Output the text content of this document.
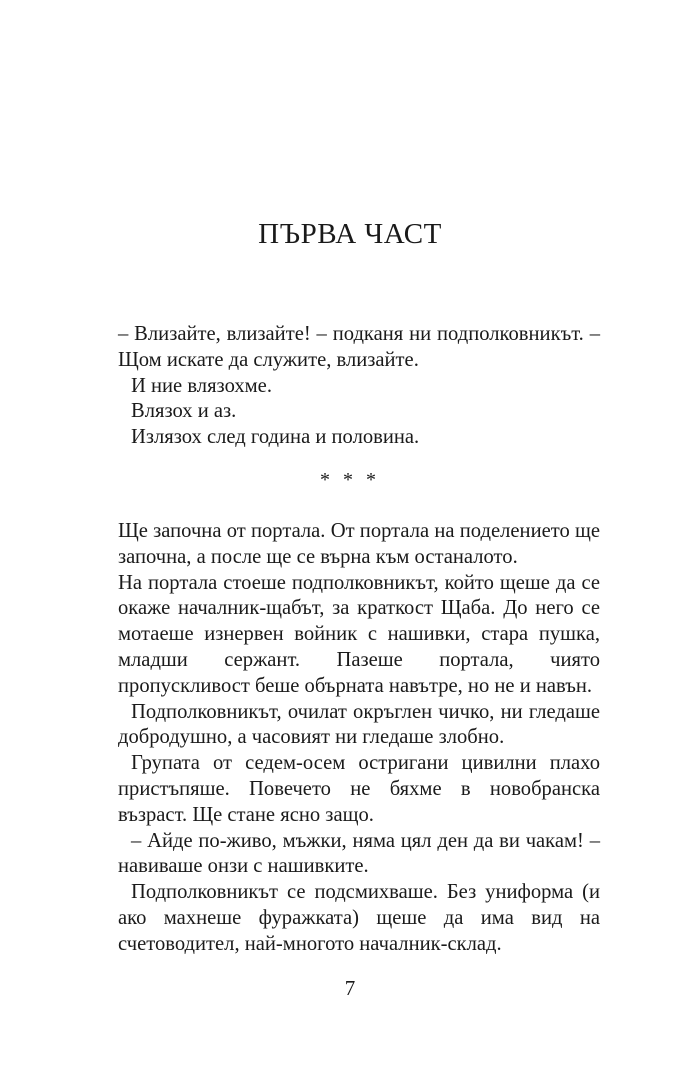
ПЪРВА ЧАСТ

– Влизайте, влизайте! – подканя ни подполковникът. – Щом искате да служите, влизайте.

И ние влязохме.

Влязох и аз.

Излязох след година и половина.

* * *

Ще започна от портала. От портала на поделението ще започна, а после ще се върна към останалото.

На портала стоеше подполковникът, който щеше да се окаже началник-щабът, за краткост Щаба. До него се мотаеше изнервен войник с нашивки, стара пушка, младши сержант. Пазеше портала, чиято пропускливост беше обърната навътре, но не и навън.

Подполковникът, очилат окръглен чичко, ни гледаше добродушно, а часовият ни гледаше злобно.

Групата от седем-осем остригани цивилни плахо пристъпяше. Повечето не бяхме в новобранска възраст. Ще стане ясно защо.

– Айде по-живо, мъжки, няма цял ден да ви чакам! – навиваше онзи с нашивките.

Подполковникът се подсмихваше. Без униформа (и ако махнеше фуражката) щеше да има вид на счетоводител, най-многото началник-склад.

7
